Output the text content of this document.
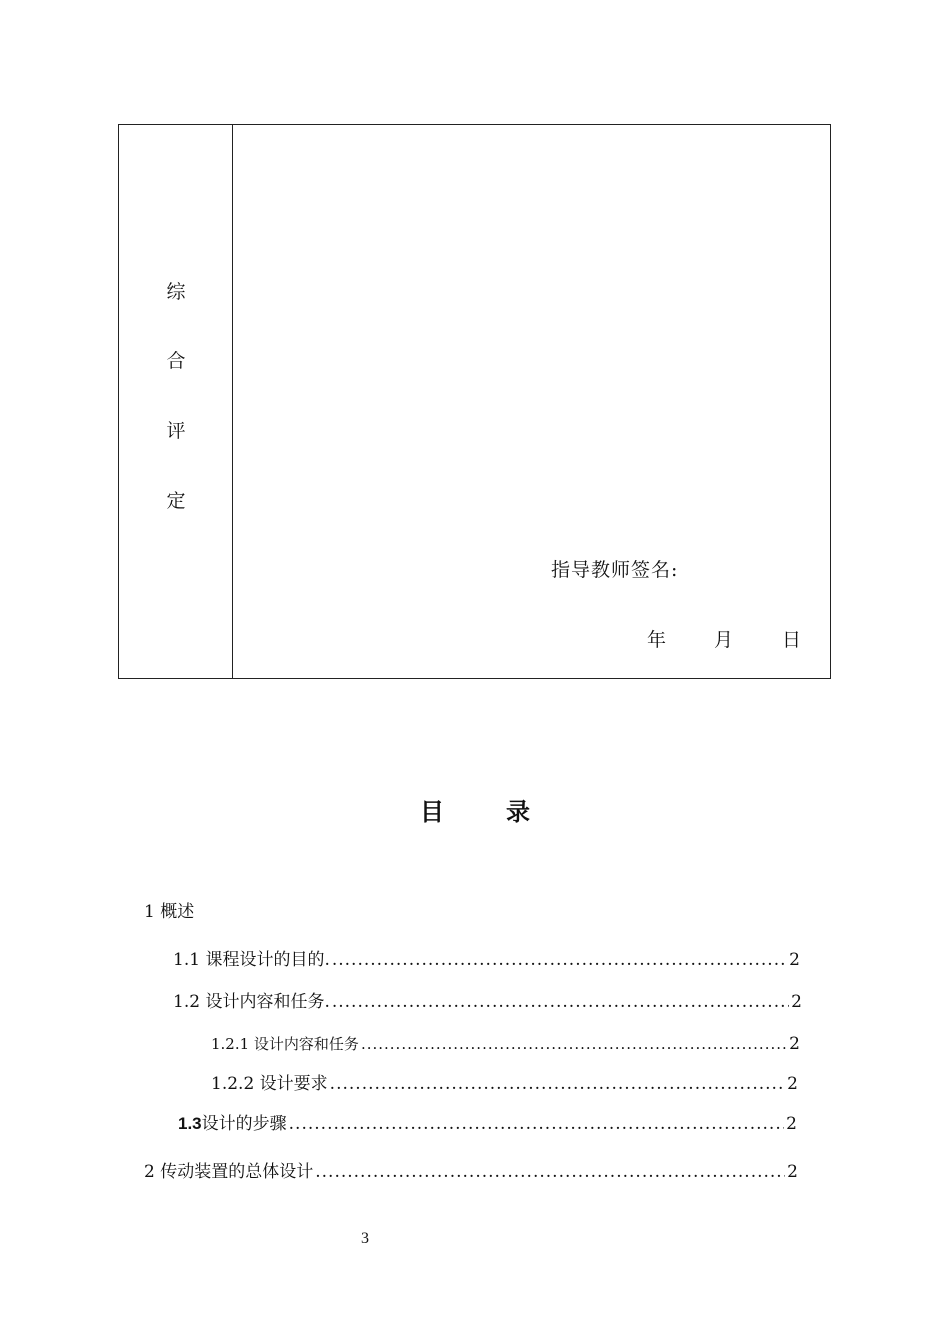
综
合
评
定
指导教师签名:
年	月	日
目	录
1 概述
1.1 课程设计的目的. .....	2
1.2 设计内容和任务. .....	2
1.2.1 设计内容和任务 .....	2
1.2.2 设计要求 .....	2
1.3 设计的步骤 .....	2
2 传动装置的总体设计 .....	2
3
